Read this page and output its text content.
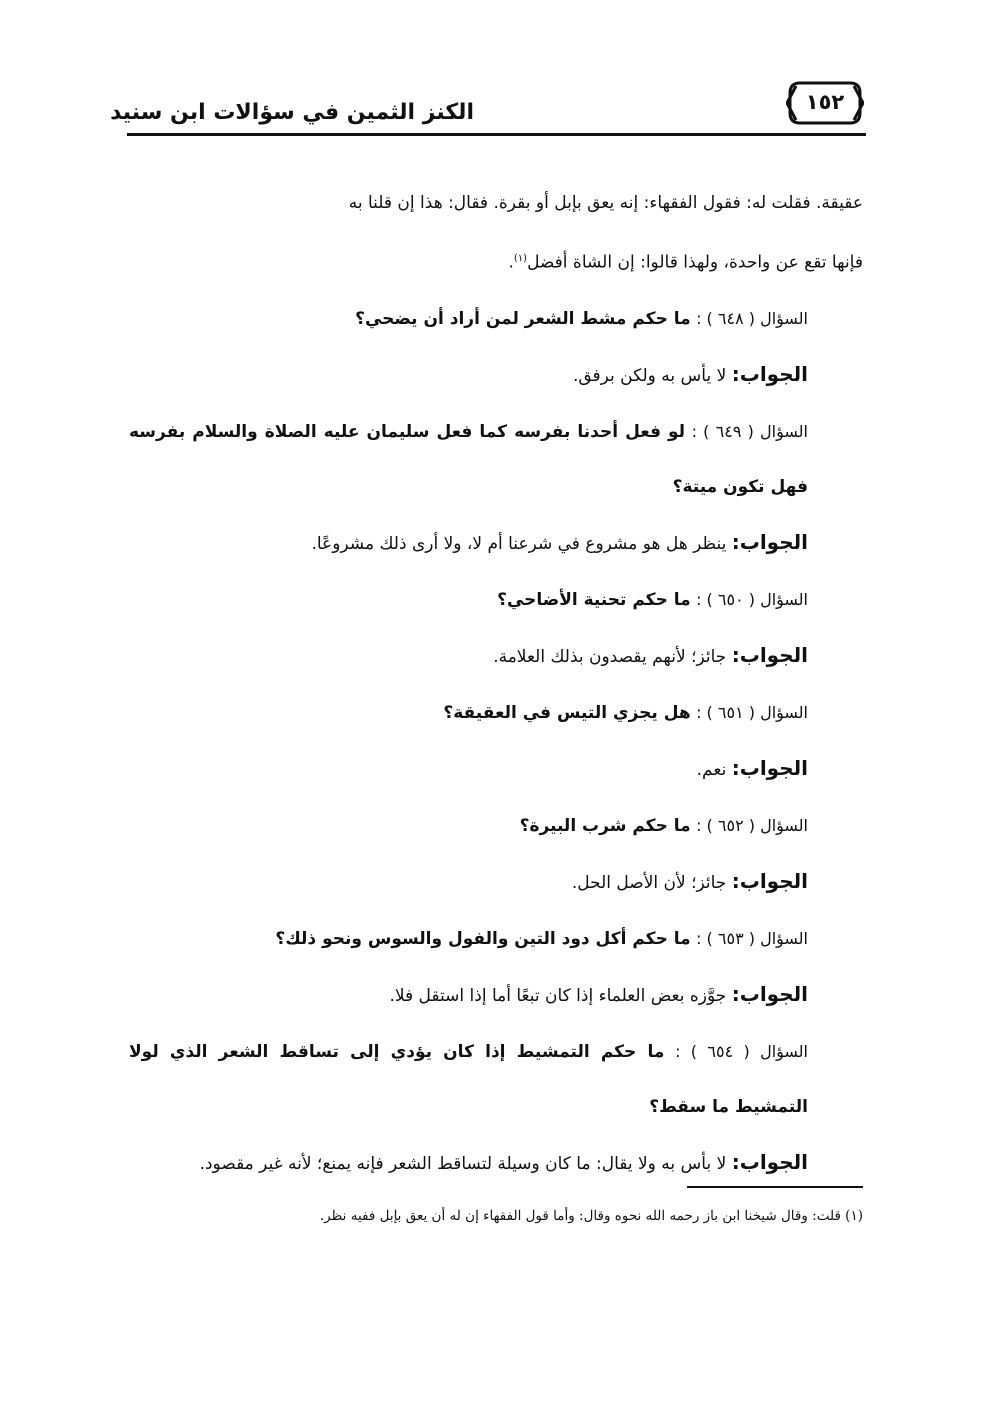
١٥٢
الكنز الثمين في سؤالات ابن سنيد

عقيقة. فقلت له: فقول الفقهاء: إنه يعق بإبل أو بقرة. فقال: هذا إن قلنا به

فإنها تقع عن واحدة، ولهذا قالوا: إن الشاة أفضل$^{(١)}$.

السؤال ( ٦٤٨ ) : ما حكم مشط الشعر لمن أراد أن يضحي؟

الجواب: لا يأس به ولكن برفق.

السؤال ( ٦٤٩ ) : لو فعل أحدنا بفرسه كما فعل سليمان عليه الصلاة والسلام بفرسه فهل تكون ميتة؟

الجواب: ينظر هل هو مشروع في شرعنا أم لا، ولا أرى ذلك مشروعًا.

السؤال ( ٦٥٠ ) : ما حكم تحنية الأضاحي؟

الجواب: جائز؛ لأنهم يقصدون بذلك العلامة.

السؤال ( ٦٥١ ) : هل يجزي التيس في العقيقة؟

الجواب: نعم.

السؤال ( ٦٥٢ ) : ما حكم شرب البيرة؟

الجواب: جائز؛ لأن الأصل الحل.

السؤال ( ٦٥٣ ) : ما حكم أكل دود التين والفول والسوس ونحو ذلك؟

الجواب: جوَّزه بعض العلماء إذا كان تبعًا أما إذا استقل فلا.

السؤال ( ٦٥٤ ) : ما حكم التمشيط إذا كان يؤدي إلى تساقط الشعر الذي لولا التمشيط ما سقط؟

الجواب: لا بأس به ولا يقال: ما كان وسيلة لتساقط الشعر فإنه يمنع؛ لأنه غير مقصود.

(١) قلت: وقال شيخنا ابن باز رحمه الله نحوه وقال: وأما قول الفقهاء إن له أن يعق بإبل ففيه نظر.
